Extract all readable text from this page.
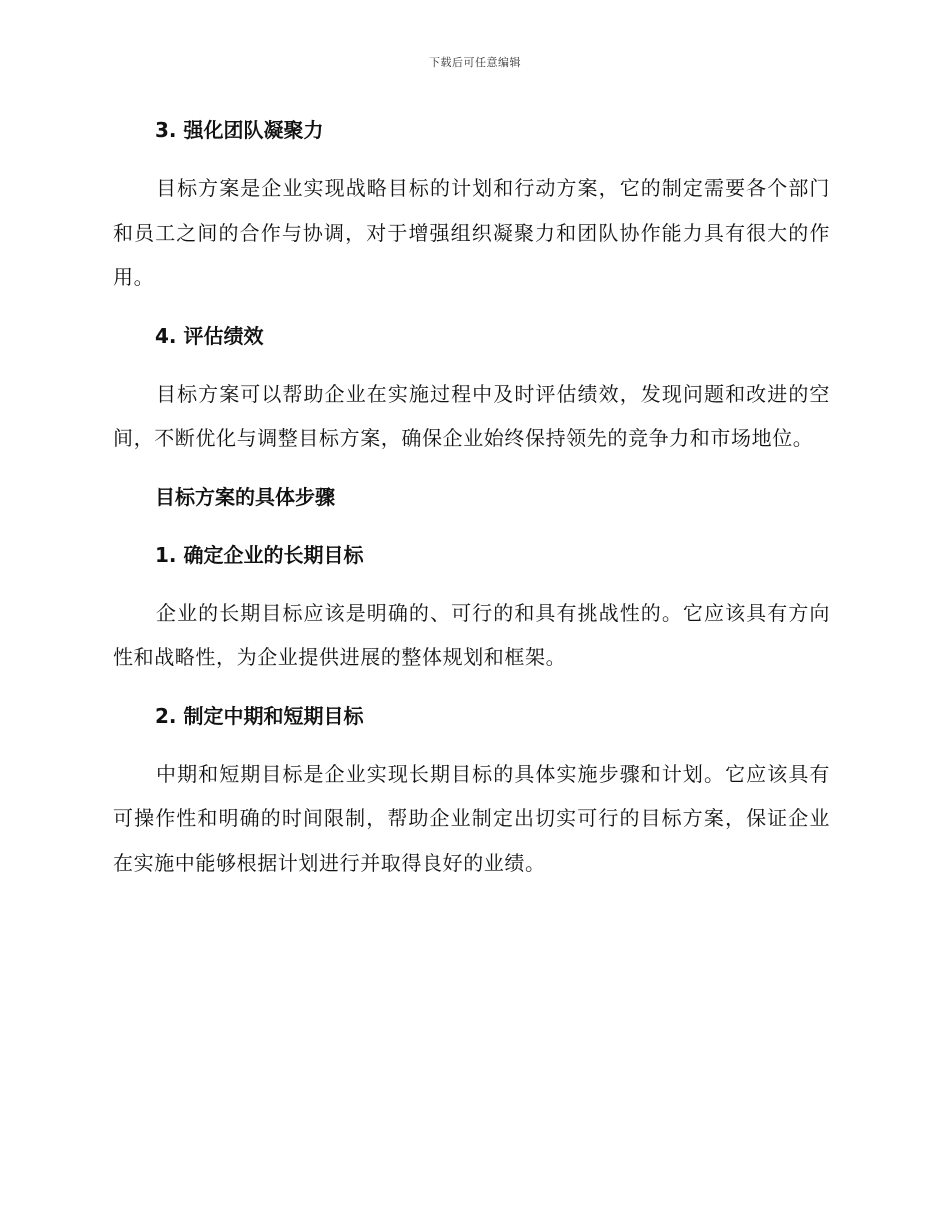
下载后可任意编辑
3. 强化团队凝聚力
目标方案是企业实现战略目标的计划和行动方案，它的制定需要各个部门和员工之间的合作与协调，对于增强组织凝聚力和团队协作能力具有很大的作用。
4. 评估绩效
目标方案可以帮助企业在实施过程中及时评估绩效，发现问题和改进的空间，不断优化与调整目标方案，确保企业始终保持领先的竞争力和市场地位。
目标方案的具体步骤
1. 确定企业的长期目标
企业的长期目标应该是明确的、可行的和具有挑战性的。它应该具有方向性和战略性，为企业提供进展的整体规划和框架。
2. 制定中期和短期目标
中期和短期目标是企业实现长期目标的具体实施步骤和计划。它应该具有可操作性和明确的时间限制，帮助企业制定出切实可行的目标方案，保证企业在实施中能够根据计划进行并取得良好的业绩。
